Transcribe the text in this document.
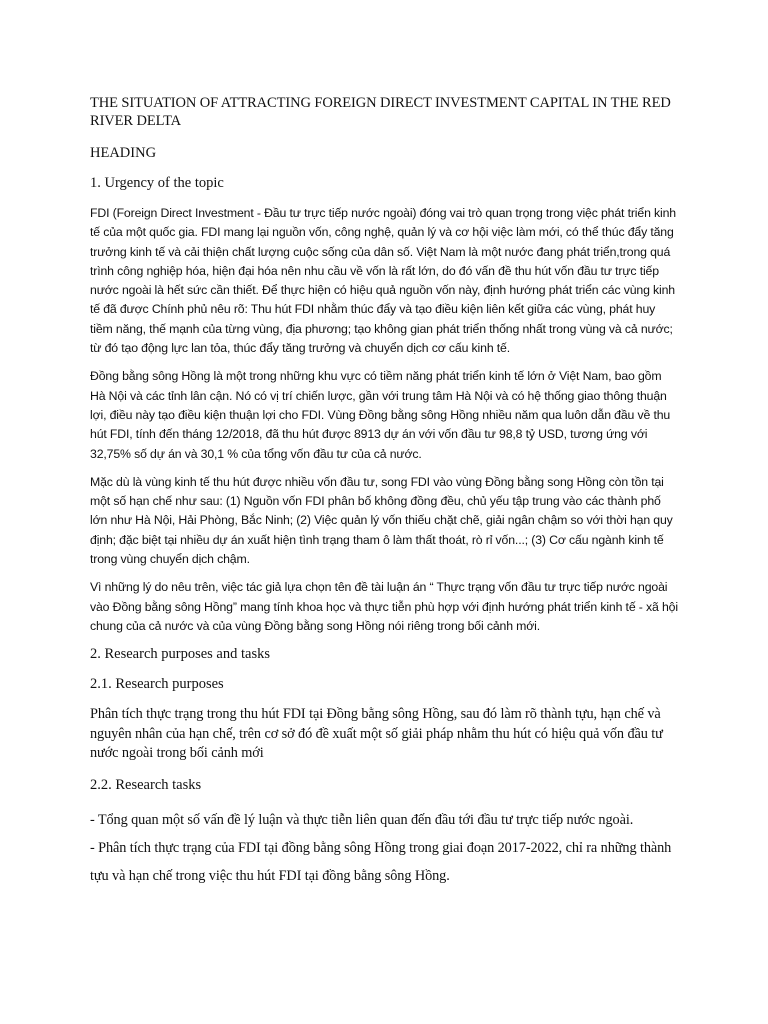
THE SITUATION OF ATTRACTING FOREIGN DIRECT INVESTMENT CAPITAL IN THE RED RIVER DELTA
HEADING
1. Urgency of the topic

FDI (Foreign Direct Investment - Đầu tư trực tiếp nước ngoài) đóng vai trò quan trọng trong việc phát triển kinh tế của một quốc gia. FDI mang lại nguồn vốn, công nghệ, quản lý và cơ hội việc làm mới, có thể thúc đẩy tăng trưởng kinh tế và cải thiện chất lượng cuộc sống của dân số. Việt Nam là một nước đang phát triển,trong quá trình công nghiệp hóa, hiện đại hóa nên nhu cầu về vốn là rất lớn, do đó vấn đề thu hút vốn đầu tư trực tiếp nước ngoài là hết sức cần thiết. Để thực hiện có hiệu quả nguồn vốn này, định hướng phát triển các vùng kinh tế đã được Chính phủ nêu rõ: Thu hút FDI nhằm thúc đẩy và tạo điều kiện liên kết giữa các vùng, phát huy tiềm năng, thế mạnh của từng vùng, địa phương; tạo không gian phát triển thống nhất trong vùng và cả nước; từ đó tạo động lực lan tỏa, thúc đẩy tăng trưởng và chuyển dịch cơ cấu kinh tế.

Đồng bằng sông Hồng là một trong những khu vực có tiềm năng phát triển kinh tế lớn ở Việt Nam, bao gồm Hà Nội và các tỉnh lân cận. Nó có vị trí chiến lược, gần với trung tâm Hà Nội và có hệ thống giao thông thuận lợi, điều này tạo điều kiện thuận lợi cho FDI. Vùng Đồng bằng sông Hồng nhiều năm qua luôn dẫn đầu về thu hút FDI, tính đến tháng 12/2018, đã thu hút được 8913 dự án với vốn đầu tư 98,8 tỷ USD, tương ứng với 32,75% số dự án và 30,1 % của tổng vốn đầu tư của cả nước.

Mặc dù là vùng kinh tế thu hút được nhiều vốn đầu tư, song FDI vào vùng Đồng bằng song Hồng còn tồn tại một số hạn chế như sau: (1) Nguồn vốn FDI phân bố không đồng đều, chủ yếu tập trung vào các thành phố lớn như Hà Nội, Hải Phòng, Bắc Ninh; (2) Việc quản lý vốn thiếu chặt chẽ, giải ngân chậm so với thời hạn quy định; đặc biệt tại nhiều dự án xuất hiện tình trạng tham ô làm thất thoát, rò rỉ vốn...; (3) Cơ cấu ngành kinh tế trong vùng chuyển dịch chậm.

Vì những lý do nêu trên, việc tác giả lựa chọn tên đề tài luận án “ Thực trạng vốn đầu tư trực tiếp nước ngoài vào Đồng bằng sông Hồng” mang tính khoa học và thực tiễn phù hợp với định hướng phát triển kinh tế - xã hội chung của cả nước và của vùng Đồng bằng song Hồng nói riêng trong bối cảnh mới.

2. Research purposes and tasks
2.1. Research purposes

Phân tích thực trạng trong thu hút FDI tại Đồng bằng sông Hồng, sau đó làm rõ thành tựu, hạn chế và nguyên nhân của hạn chế, trên cơ sở đó đề xuất một số giải pháp nhằm thu hút có hiệu quả vốn đầu tư nước ngoài trong bối cảnh mới

2.2. Research tasks

- Tổng quan một số vấn đề lý luận và thực tiễn liên quan đến đầu tới đầu tư trực tiếp nước ngoài.

- Phân tích thực trạng của FDI tại đồng bằng sông Hồng trong giai đoạn 2017-2022, chỉ ra những thành tựu và hạn chế trong việc thu hút FDI tại đồng bằng sông Hồng.
